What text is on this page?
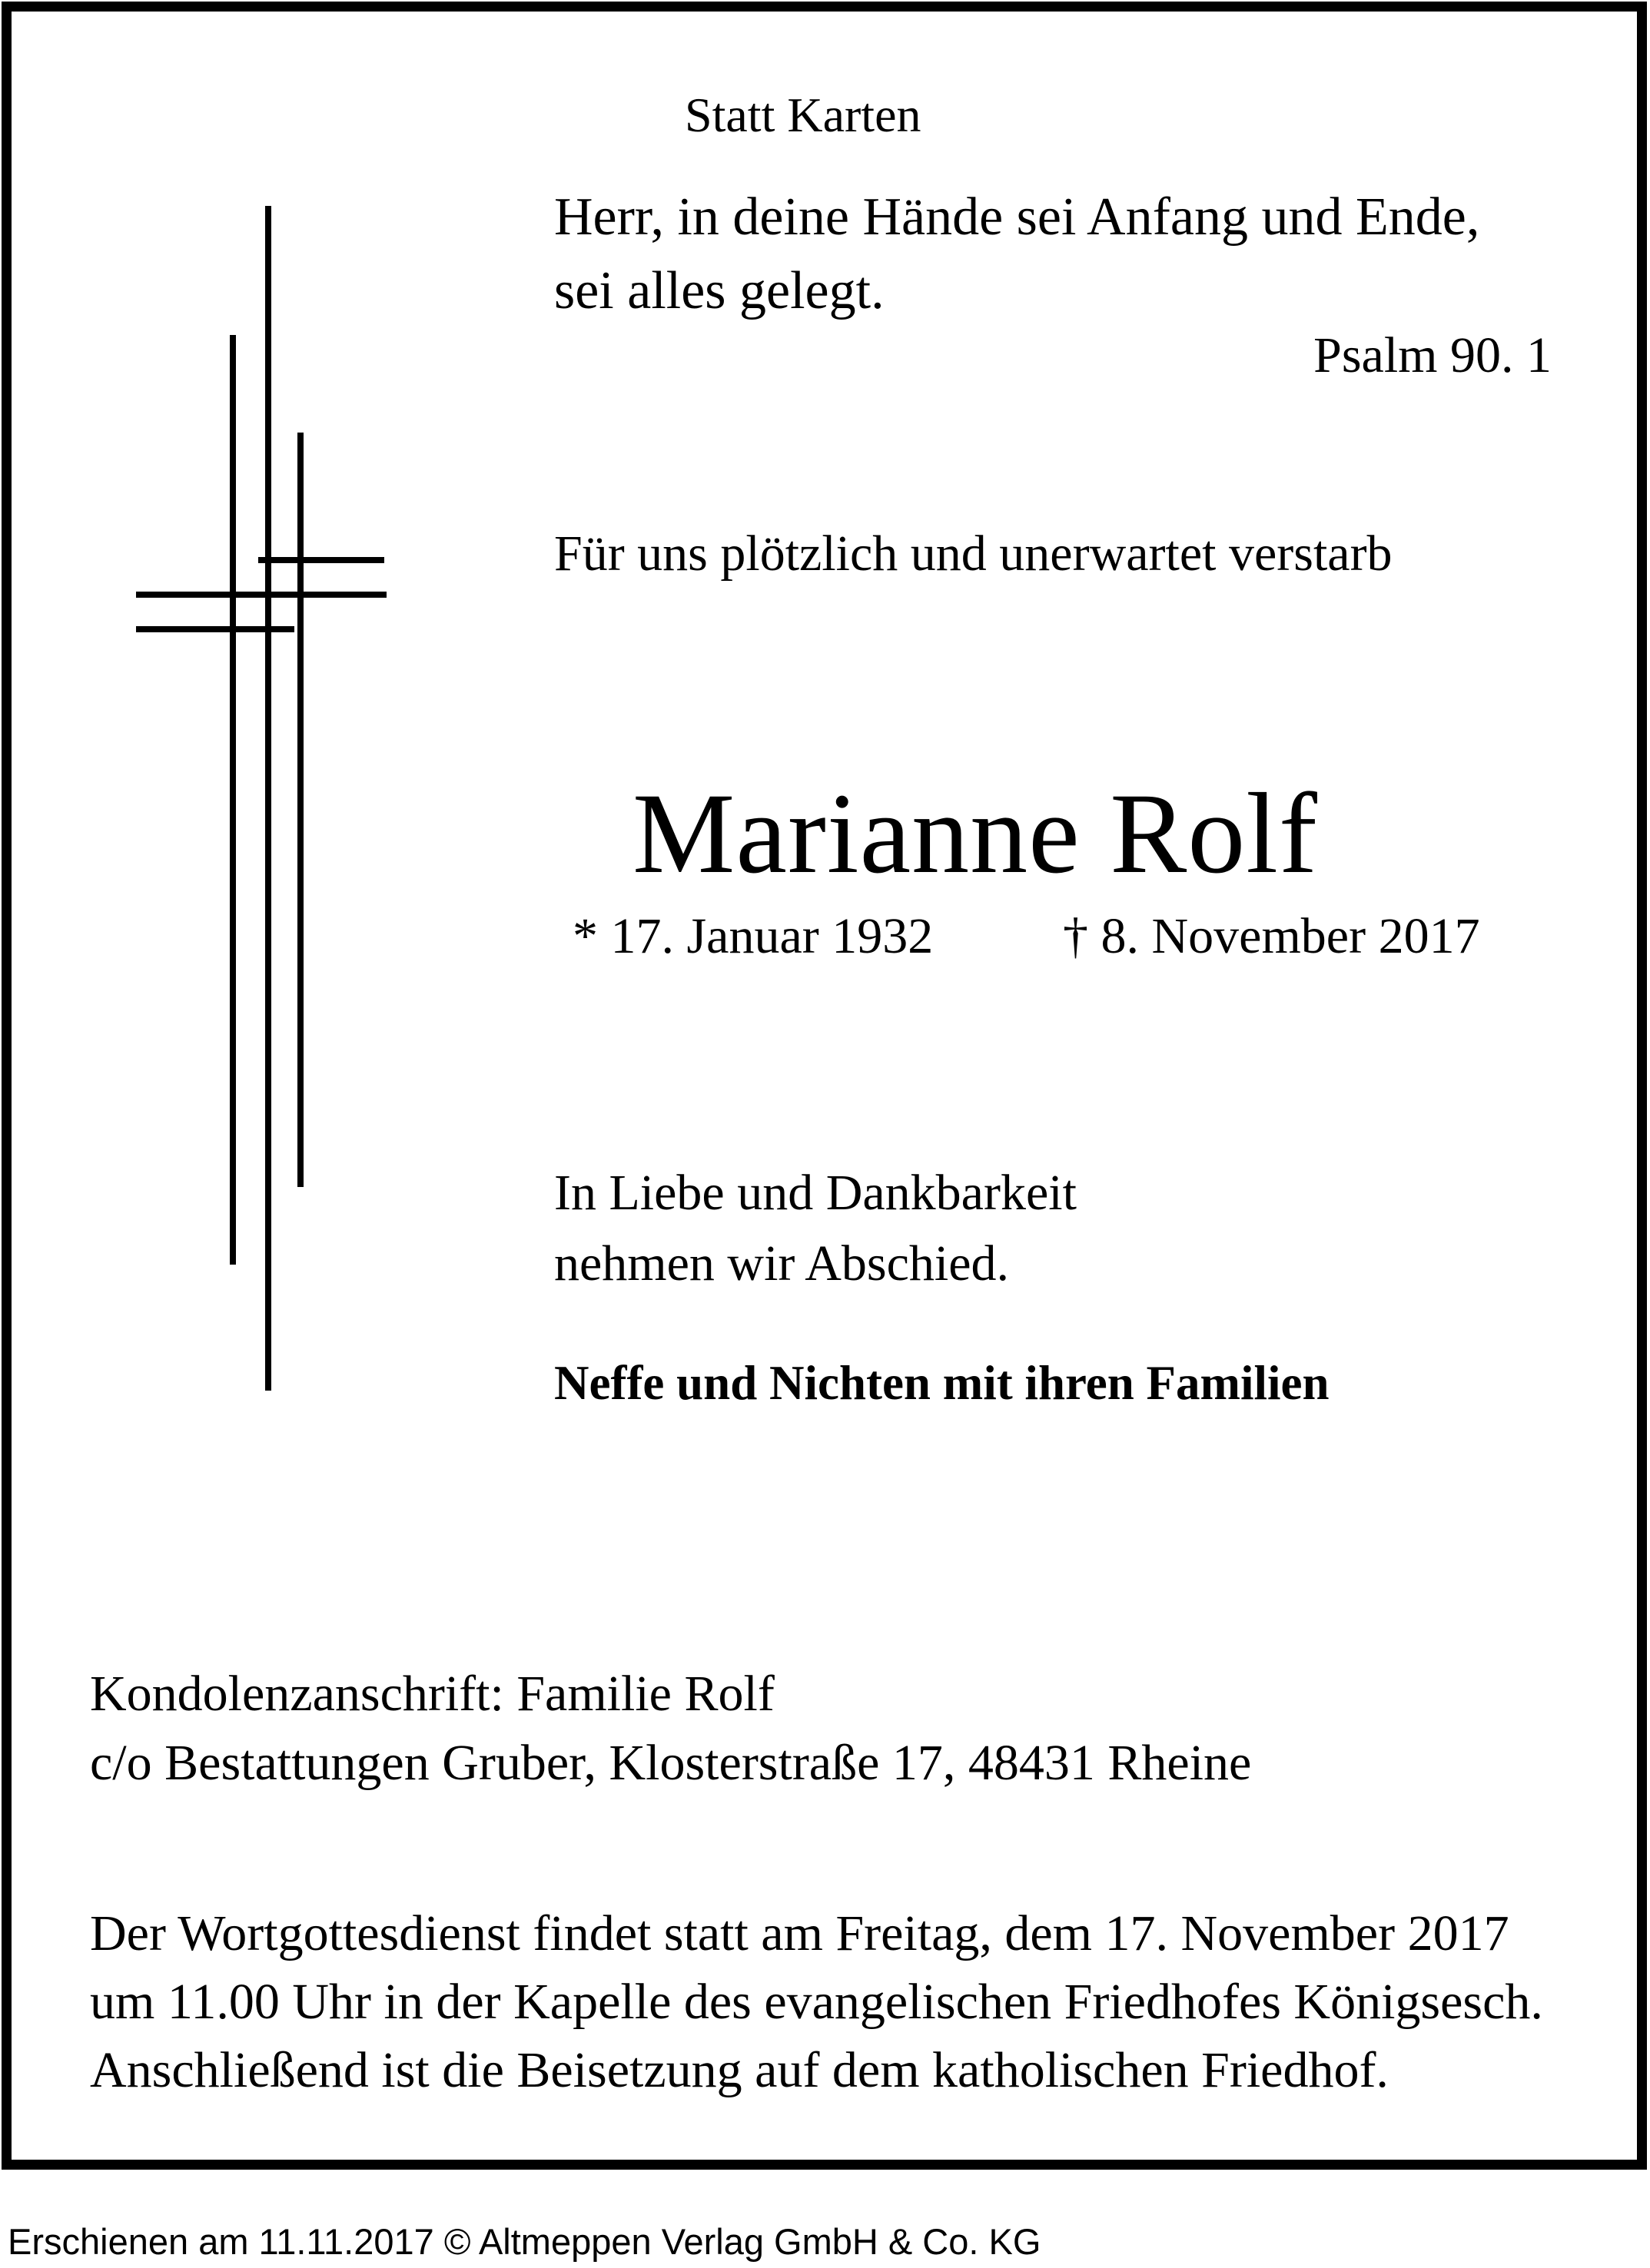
Statt Karten
Herr, in deine Hände sei Anfang und Ende,
sei alles gelegt.
Psalm 90. 1
Für uns plötzlich und unerwartet verstarb
Marianne Rolf
* 17. Januar 1932	† 8. November 2017
In Liebe und Dankbarkeit
nehmen wir Abschied.
Neffe und Nichten mit ihren Familien
Kondolenzanschrift: Familie Rolf
c/o Bestattungen Gruber, Klosterstraße 17, 48431 Rheine
Der Wortgottesdienst findet statt am Freitag, dem 17. November 2017
um 11.00 Uhr in der Kapelle des evangelischen Friedhofes Königsesch.
Anschließend ist die Beisetzung auf dem katholischen Friedhof.
Erschienen am 11.11.2017 © Altmeppen Verlag GmbH & Co. KG
